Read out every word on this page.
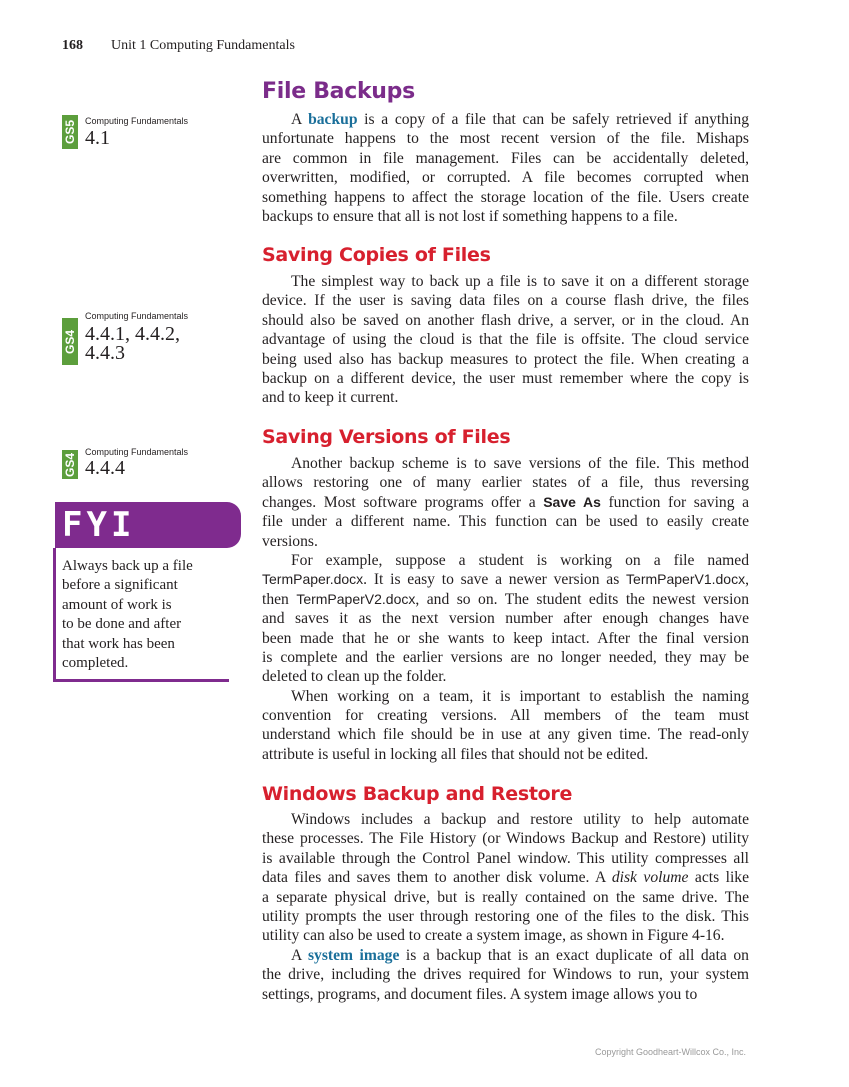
168 Unit 1 Computing Fundamentals
GS5 Computing Fundamentals
4.1
GS4
Computing Fundamentals
4.4.1, 4.4.2,
4.4.3
GS4
Computing Fundamentals
4.4.4
FYI
Always back up a file
before a significant
amount of work is
to be done and after
that work has been
completed.
File Backups
Saving Copies of Files
Saving Versions of Files
Windows Backup and Restore
A backup is a copy of a file that can be safely retrieved if anything
unfortunate happens to the most recent version of the file. Mishaps
are common in file management. Files can be accidentally deleted,
overwritten, modified, or corrupted. A file becomes corrupted when
something happens to affect the storage location of the file. Users create
backups to ensure that all is not lost if something happens to a file.
The simplest way to back up a file is to save it on a different storage
device. If the user is saving data files on a course flash drive, the files
should also be saved on another flash drive, a server, or in the cloud. An
advantage of using the cloud is that the file is offsite. The cloud service
being used also has backup measures to protect the file. When creating a
backup on a different device, the user must remember where the copy is
and to keep it current.
Another backup scheme is to save versions of the file. This method
allows restoring one of many earlier states of a file, thus reversing
changes. Most software programs offer a Save As function for saving a
file under a different name. This function can be used to easily create
versions.
For example, suppose a student is working on a file named
TermPaper.docx. It is easy to save a newer version as TermPaperV1.docx,
then TermPaperV2.docx, and so on. The student edits the newest version
and saves it as the next version number after enough changes have
been made that he or she wants to keep intact. After the final version
is complete and the earlier versions are no longer needed, they may be
deleted to clean up the folder.
When working on a team, it is important to establish the naming
convention for creating versions. All members of the team must
understand which file should be in use at any given time. The read-only
attribute is useful in locking all files that should not be edited.
Windows includes a backup and restore utility to help automate
these processes. The File History (or Windows Backup and Restore) utility
is available through the Control Panel window. This utility compresses all
data files and saves them to another disk volume. A disk volume acts like
a separate physical drive, but is really contained on the same drive. The
utility prompts the user through restoring one of the files to the disk. This
utility can also be used to create a system image, as shown in Figure 4-16.
A system image is a backup that is an exact duplicate of all data on
the drive, including the drives required for Windows to run, your system
settings, programs, and document files. A system image allows you to
Copyright Goodheart-Willcox Co., Inc.
